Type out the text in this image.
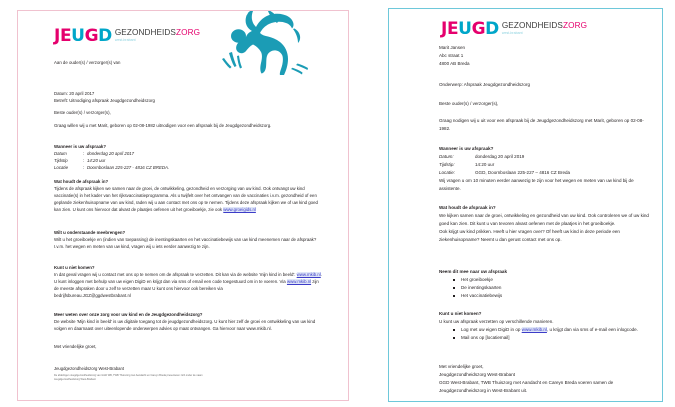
JEUGD GEZONDHEIDSZORG
west-brabant
Aan de ouder(s) / verzorger(s) van

Datum: 20 april 2017

Betreft: Uitnodiging afspraak Jeugdgezondheidszorg

Beste ouder(s) / verzorger(s),
Graag willen wij u met Marit, geboren op 02-08-1982 uitnodigen voor een afspraak bij de Jeugdgezondheidszorg.

Wanneer is uw afspraak?

Datum	: donderdag 20 april 2017
Tijdstip	: 14:20 uur
Locatie	: Doornboslaan 225-227 - 4816 CZ BREDA.

Wat houdt de afspraak in?

Tijdens de afspraak kijken we samen naar de groei, de ontwikkeling, gezondheid en verzorging van uw kind. Ook ontvangt uw kind vaccinatie(s) in het kader van het rijksvaccinatieprogramma. Als u twijfelt over het ontvangen van de vaccinaties i.v.m. gezondheid of een geplande ziekenhuisopname van uw kind, raden wij u aan contact met ons op te nemen. Tijdens deze afspraak kijken we of uw kind goed kan zien. U kunt ons hiervoor dat alvast de plaatjes oefenen uit het groeiboekje, zie ook www.groeigids.nl

Wilt u onderstaande meebrengen?

Wilt u het groeiboekje en (indien van toepassing) de inentingskaarten en het vaccinatiebewijs van uw kind meenemen naar de afspraak? I.v.m. het wegen en meten van uw kind, vragen wij u iets eerder aanwezig te zijn.

Kunt u niet komen?

In dat geval vragen wij u contact met ons op te nemen om de afspraak te verzetten. Dit kan via de website 'mijn kind in beeld': www.mkib.nl. U kunt inloggen met behulp van uw eigen DigiD en krijgt dan via sms of email een code toegestuurd om in te voeren. Via www.mkib.nl zijn de meeste afspraken door u zelf te verzetten maar U kunt ons hiervoor ook bereiken via

bedrijfsbureau.JGZ@ggdwestbrabant.nl

Meer weten over onze zorg voor uw kind en de Jeugdgezondheidszorg?

De website 'Mijn kind in beeld' is uw digitale toegang tot de jeugdgezondheidszorg. U kunt hier zelf de groei en ontwikkeling van uw kind volgen en daarnaast over uiteenlopende onderwerpen advies op maat ontvangen. Ga hiervoor naar www.mkib.nl.

Met vriendelijke groet,
Jeugdgezondheidszorg West-Brabant
De afdelingen Jeugdgezondheidszorg van GGD WB, TWB Thuiszorg met Aandacht en Careyn Breda presenteren zich onder de naam
Jeugdgezondheidszorg West-Brabant
JEUGD GEZONDHEIDSZORG
west-brabant

Marit Jansen

Abc straat 1

4800 AB Breda

Onderwerp: Afspraak Jeugdgezondheidszorg
Beste ouder(s) / verzorger(s),
Graag nodigen wij u uit voor een afspraak bij de Jeugdgezondheidszorg met Marit, geboren op 02-08-1982.

Wanneer is uw afspraak?

Datum:	donderdag 20 april 2019
Tijdstip:	14:20 uur
Locatie:	GGD, Doornboslaan 225-227 – 4816 CZ Breda

Wij vragen u om 10 minuten eerder aanwezig te zijn voor het wegen en meten van uw kind bij de assistente.

Wat houdt de afspraak in?

We kijken samen naar de groei, ontwikkeling en gezondheid van uw kind. Ook controleren we of uw kind goed kan zien. Dit kunt u van tevoren alvast oefenen met de plaatjes in het groeiboekje.

Ook krijgt uw kind prikken. Heeft u hier vragen over? Of heeft uw kind in deze periode een ziekenhuisopname? Neemt u dan gerust contact met ons op.

Neem dit mee naar uw afspraak

Het groeiboekje
De inentingskaarten
Het vaccinatiebewijs

Kunt u niet komen?

U kunt uw afspraak verzetten op verschillende manieren.

Log met uw eigen DigiD in op www.mkib.nl, u krijgt dan via sms of e-mail een inlogcode.
Mail ons op [locatiemail]

Met vriendelijke groet,

Jeugdgezondheidszorg West-Brabant

GGD West-Brabant, TWB Thuiszorg met Aandacht en Careyn Breda voeren samen de

Jeugdgezondheidszorg in West-Brabant uit.
